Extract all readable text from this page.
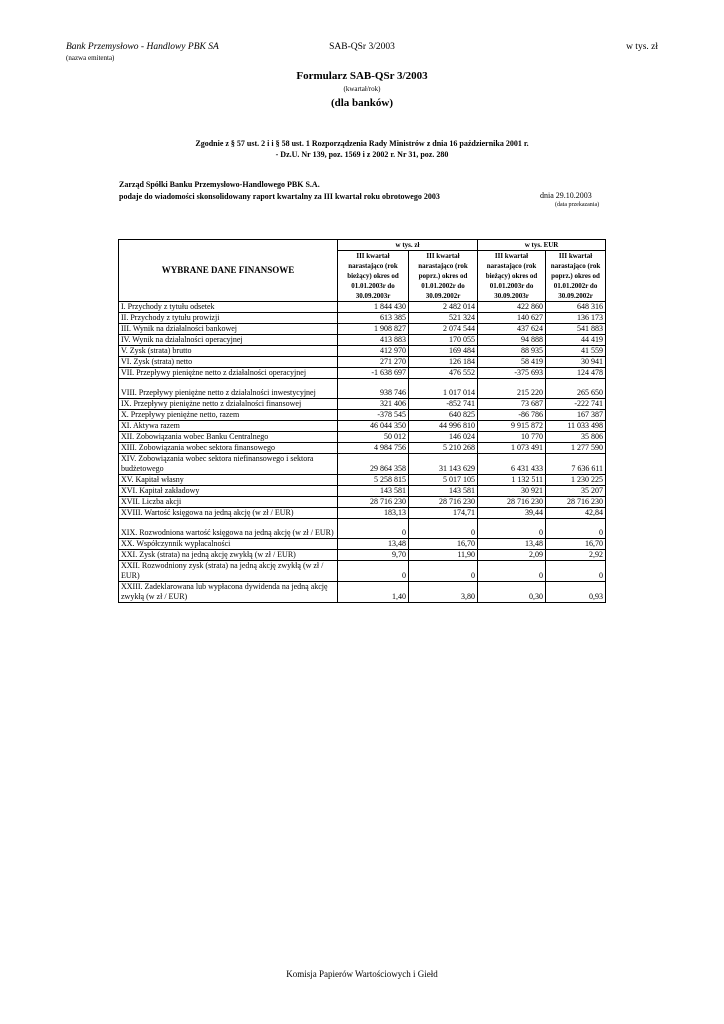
Bank Przemysłowo - Handlowy PBK SA
(nazwa emitenta)
SAB-QSr 3/2003	w tys. zł
Formularz SAB-QSr 3/2003
(kwartał/rok)
(dla banków)
Zgodnie z § 57 ust. 2 i i § 58 ust. 1 Rozporządzenia Rady Ministrów z dnia 16 października 2001 r.
- Dz.U. Nr 139, poz. 1569 i z 2002 r. Nr 31, poz. 280
Zarząd Spółki Banku Przemysłowo-Handlowego PBK S.A.
podaje do wiadomości skonsolidowany raport kwartalny za III kwartał roku obrotowego 2003	dnia 29.10.2003
(data przekazania)
WYBRANE DANE FINANSOWE	w tys. zł		w tys. EUR	
	III kwartał narastająco (rok bieżący) okres od 01.01.2003r do 30.09.2003r	III kwartał narastająco (rok poprz.) okres od 01.01.2002r do 30.09.2002r	III kwartał narastająco (rok bieżący) okres od 01.01.2003r do 30.09.2003r	III kwartał narastająco (rok poprz.) okres od 01.01.2002r do 30.09.2002r
I. Przychody z tytułu odsetek	1 844 430	2 482 014	422 860	648 316
II. Przychody z tytułu prowizji	613 385	521 324	140 627	136 173
III. Wynik na działalności bankowej	1 908 827	2 074 544	437 624	541 883
IV. Wynik na działalności operacyjnej	413 883	170 055	94 888	44 419
V. Zysk (strata) brutto	412 970	169 484	88 935	41 559
VI. Zysk (strata) netto	271 270	126 184	58 419	30 941
VII. Przepływy pieniężne netto z działalności operacyjnej	-1 638 697	476 552	-375 693	124 478
VIII. Przepływy pieniężne netto z działalności inwestycyjnej	938 746	1 017 014	215 220	265 650
IX. Przepływy pieniężne netto z działalności finansowej	321 406	-852 741	73 687	-222 741
X. Przepływy pieniężne netto, razem	-378 545	640 825	-86 786	167 387
XI. Aktywa razem	46 044 350	44 996 810	9 915 872	11 033 498
XII. Zobowiązania wobec Banku Centralnego	50 012	146 024	10 770	35 806
XIII. Zobowiązania wobec sektora finansowego	4 984 756	5 210 268	1 073 491	1 277 590
XIV. Zobowiązania wobec sektora niefinansowego i sektora budżetowego	29 864 358	31 143 629	6 431 433	7 636 611
XV. Kapitał własny	5 258 815	5 017 105	1 132 511	1 230 225
XVI. Kapitał zakładowy	143 581	143 581	30 921	35 207
XVII. Liczba akcji	28 716 230	28 716 230	28 716 230	28 716 230
XVIII. Wartość księgowa na jedną akcję (w zł / EUR)	183,13	174,71	39,44	42,84
XIX. Rozwodniona wartość księgowa na jedną akcję (w zł / EUR)	0	0	0	0
XX. Współczynnik wypłacalności	13,48	16,70	13,48	16,70
XXI. Zysk (strata) na jedną akcję zwykłą (w zł / EUR)	9,70	11,90	2,09	2,92
XXII. Rozwodniony zysk (strata) na jedną akcję zwykłą (w zł / EUR)	0	0	0	0
XXIII. Zadeklarowana lub wypłacona dywidenda na jedną akcję zwykłą (w zł / EUR)	1,40	3,80	0,30	0,93
Komisja Papierów Wartościowych i Giełd
